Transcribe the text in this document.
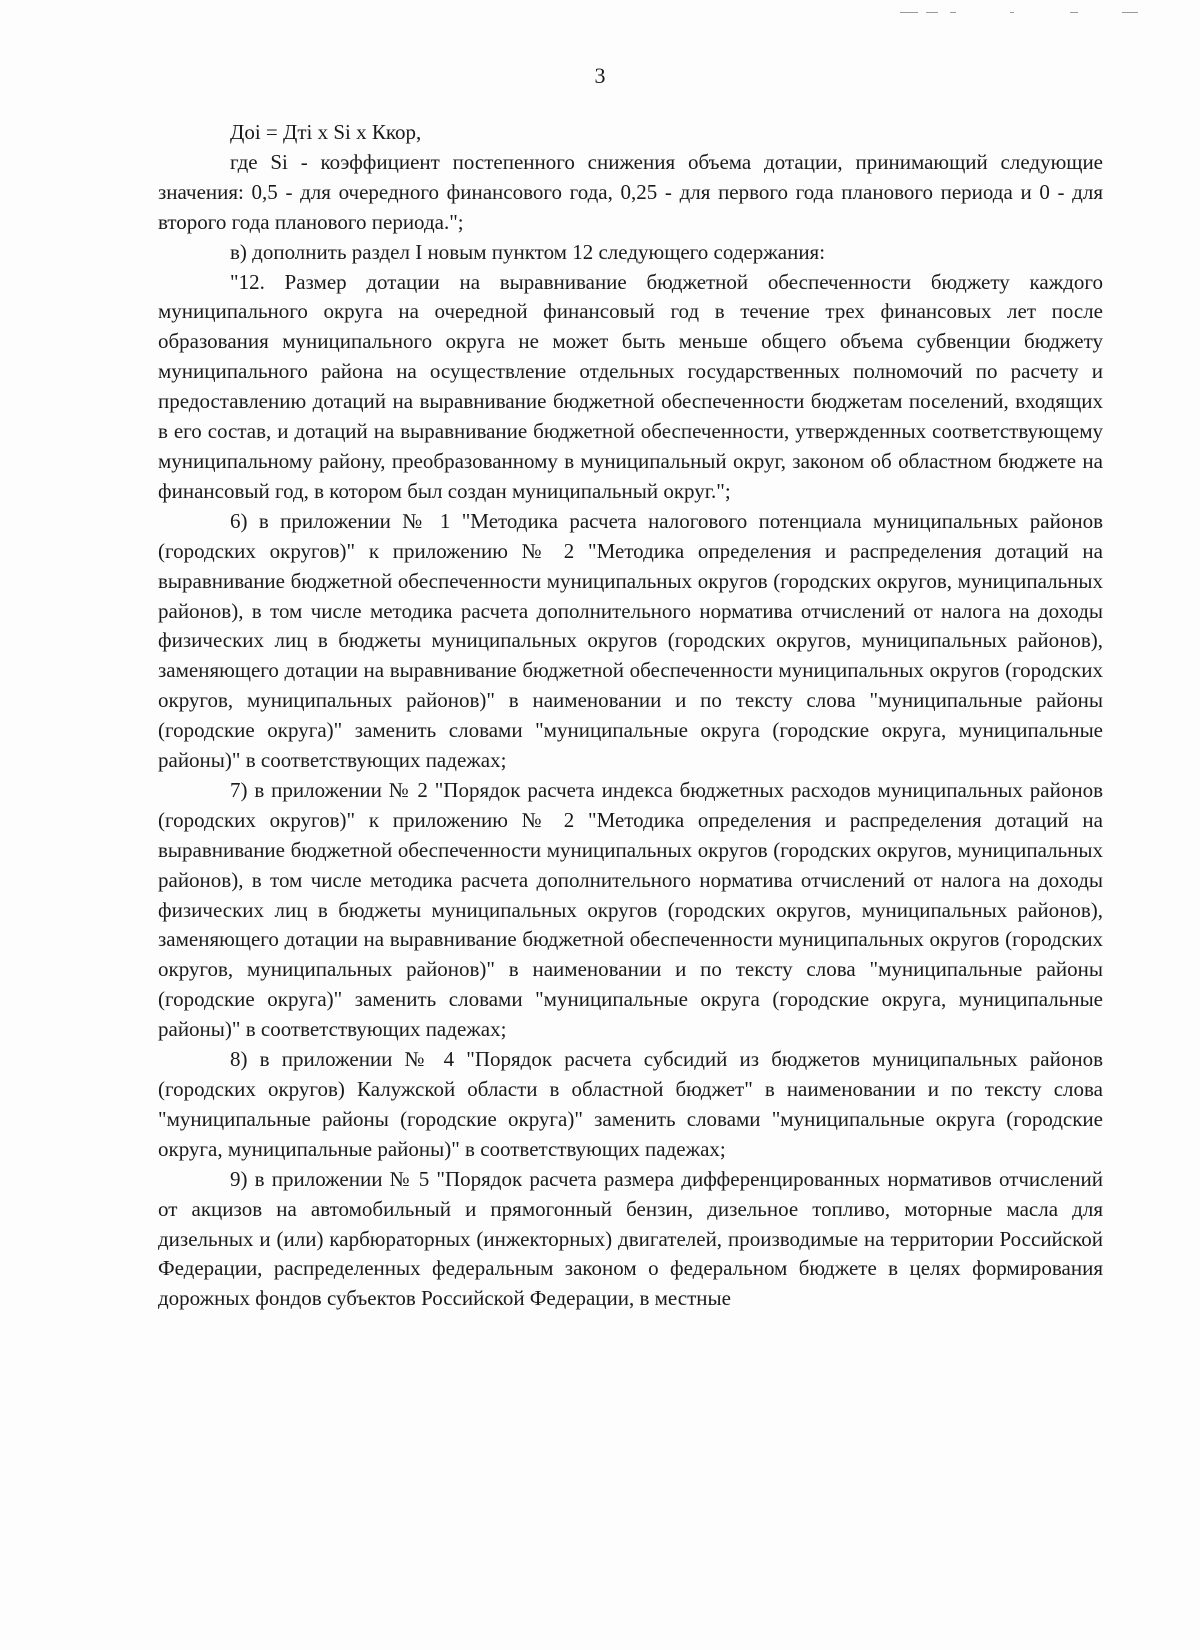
3

Доi = Дтi x Si x Ккор,

где Si - коэффициент постепенного снижения объема дотации, принимающий следующие значения: 0,5 - для очередного финансового года, 0,25 - для первого года планового периода и 0 - для второго года планового периода.";

в) дополнить раздел I новым пунктом 12 следующего содержания:

"12. Размер дотации на выравнивание бюджетной обеспеченности бюджету каждого муниципального округа на очередной финансовый год в течение трех финансовых лет после образования муниципального округа не может быть меньше общего объема субвенции бюджету муниципального района на осуществление отдельных государственных полномочий по расчету и предоставлению дотаций на выравнивание бюджетной обеспеченности бюджетам поселений, входящих в его состав, и дотаций на выравнивание бюджетной обеспеченности, утвержденных соответствующему муниципальному району, преобразованному в муниципальный округ, законом об областном бюджете на финансовый год, в котором был создан муниципальный округ.";

6) в приложении № 1 "Методика расчета налогового потенциала муниципальных районов (городских округов)" к приложению № 2 "Методика определения и распределения дотаций на выравнивание бюджетной обеспеченности муниципальных округов (городских округов, муниципальных районов), в том числе методика расчета дополнительного норматива отчислений от налога на доходы физических лиц в бюджеты муниципальных округов (городских округов, муниципальных районов), заменяющего дотации на выравнивание бюджетной обеспеченности муниципальных округов (городских округов, муниципальных районов)" в наименовании и по тексту слова "муниципальные районы (городские округа)" заменить словами "муниципальные округа (городские округа, муниципальные районы)" в соответствующих падежах;

7) в приложении № 2 "Порядок расчета индекса бюджетных расходов муниципальных районов (городских округов)" к приложению № 2 "Методика определения и распределения дотаций на выравнивание бюджетной обеспеченности муниципальных округов (городских округов, муниципальных районов), в том числе методика расчета дополнительного норматива отчислений от налога на доходы физических лиц в бюджеты муниципальных округов (городских округов, муниципальных районов), заменяющего дотации на выравнивание бюджетной обеспеченности муниципальных округов (городских округов, муниципальных районов)" в наименовании и по тексту слова "муниципальные районы (городские округа)" заменить словами "муниципальные округа (городские округа, муниципальные районы)" в соответствующих падежах;

8) в приложении № 4 "Порядок расчета субсидий из бюджетов муниципальных районов (городских округов) Калужской области в областной бюджет" в наименовании и по тексту слова "муниципальные районы (городские округа)" заменить словами "муниципальные округа (городские округа, муниципальные районы)" в соответствующих падежах;

9) в приложении № 5 "Порядок расчета размера дифференцированных нормативов отчислений от акцизов на автомобильный и прямогонный бензин, дизельное топливо, моторные масла для дизельных и (или) карбюраторных (инжекторных) двигателей, производимые на территории Российской Федерации, распределенных федеральным законом о федеральном бюджете в целях формирования дорожных фондов субъектов Российской Федерации, в местные
